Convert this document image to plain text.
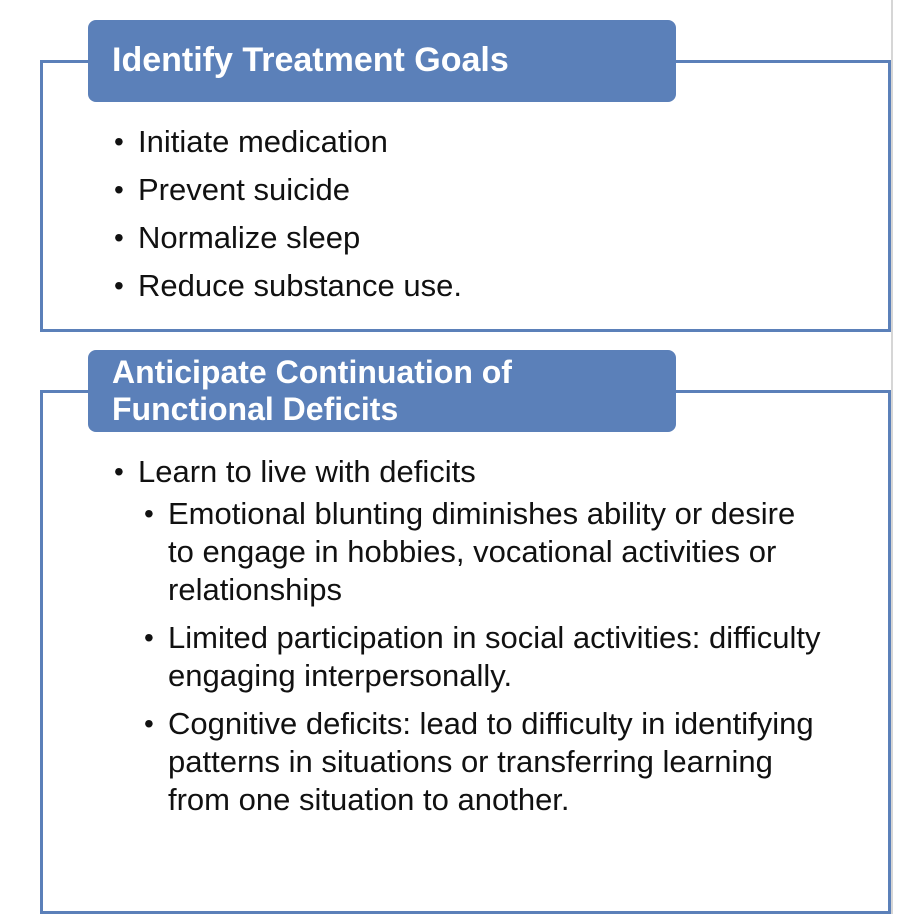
Identify Treatment Goals
• Initiate medication
• Prevent suicide
• Normalize sleep
• Reduce substance use.
Anticipate Continuation of Functional Deficits
• Learn to live with deficits
• Emotional blunting diminishes ability or desire to engage in hobbies, vocational activities or relationships
• Limited participation in social activities: difficulty engaging interpersonally.
• Cognitive deficits: lead to difficulty in identifying patterns in situations or transferring learning from one situation to another.
